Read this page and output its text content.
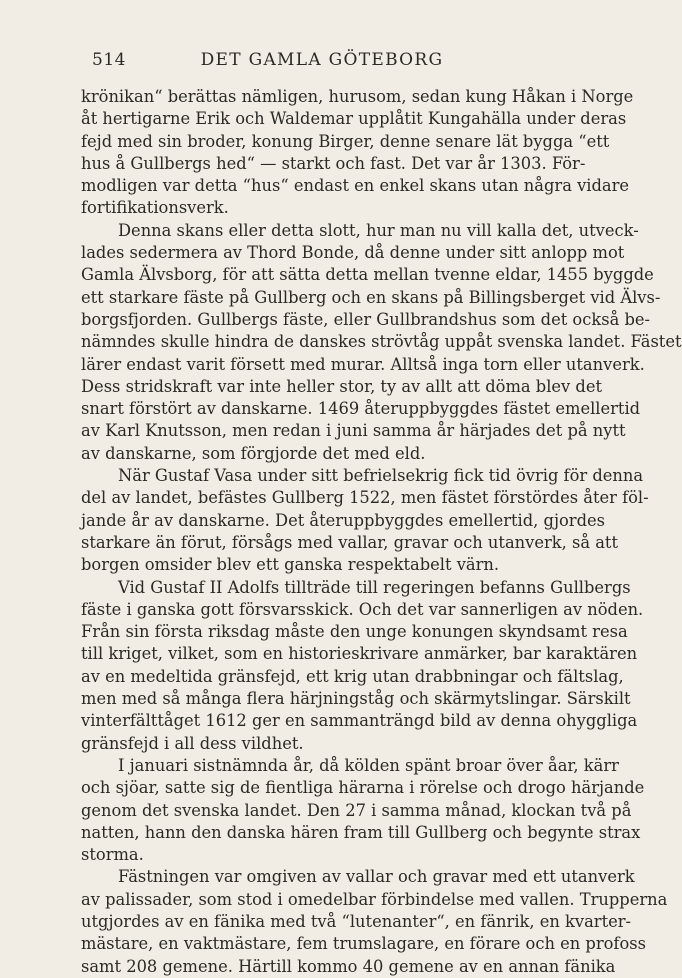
514	DET GAMLA GÖTEBORG
krönikan“ berättas nämligen, hurusom, sedan kung Håkan i Norge
åt hertigarne Erik och Waldemar upplåtit Kungahälla under deras
fejd med sin broder, konung Birger, denne senare lät bygga “ett
hus å Gullbergs hed“ — starkt och fast. Det var år 1303. För-
modligen var detta “hus“ endast en enkel skans utan några vidare
fortifikationsverk.
Denna skans eller detta slott, hur man nu vill kalla det, utveck-
lades sedermera av Thord Bonde, då denne under sitt anlopp mot
Gamla Älvsborg, för att sätta detta mellan tvenne eldar, 1455 byggde
ett starkare fäste på Gullberg och en skans på Billingsberget vid Älvs-
borgsfjorden. Gullbergs fäste, eller Gullbrandshus som det också be-
nämndes skulle hindra de danskes strövtåg uppåt svenska landet. Fästet
lärer endast varit försett med murar. Alltså inga torn eller utanverk.
Dess stridskraft var inte heller stor, ty av allt att döma blev det
snart förstört av danskarne. 1469 återuppbyggdes fästet emellertid
av Karl Knutsson, men redan i juni samma år härjades det på nytt
av danskarne, som förgjorde det med eld.
När Gustaf Vasa under sitt befrielsekrig fick tid övrig för denna
del av landet, befästes Gullberg 1522, men fästet förstördes åter föl-
jande år av danskarne. Det återuppbyggdes emellertid, gjordes
starkare än förut, försågs med vallar, gravar och utanverk, så att
borgen omsider blev ett ganska respektabelt värn.
Vid Gustaf II Adolfs tillträde till regeringen befanns Gullbergs
fäste i ganska gott försvarsskick. Och det var sannerligen av nöden.
Från sin första riksdag måste den unge konungen skyndsamt resa
till kriget, vilket, som en historieskrivare anmärker, bar karaktären
av en medeltida gränsfejd, ett krig utan drabbningar och fältslag,
men med så många flera härjningståg och skärmytslingar. Särskilt
vinterfälttåget 1612 ger en sammanträngd bild av denna ohyggliga
gränsfejd i all dess vildhet.
I januari sistnämnda år, då kölden spänt broar över åar, kärr
och sjöar, satte sig de fientliga härarna i rörelse och drogo härjande
genom det svenska landet. Den 27 i samma månad, klockan två på
natten, hann den danska hären fram till Gullberg och begynte strax
storma.
Fästningen var omgiven av vallar och gravar med ett utanverk
av palissader, som stod i omedelbar förbindelse med vallen. Trupperna
utgjordes av en fänika med två “lutenanter“, en fänrik, en kvarter-
mästare, en vaktmästare, fem trumslagare, en förare och en profoss
samt 208 gemene. Härtill kommo 40 gemene av en annan fänika
